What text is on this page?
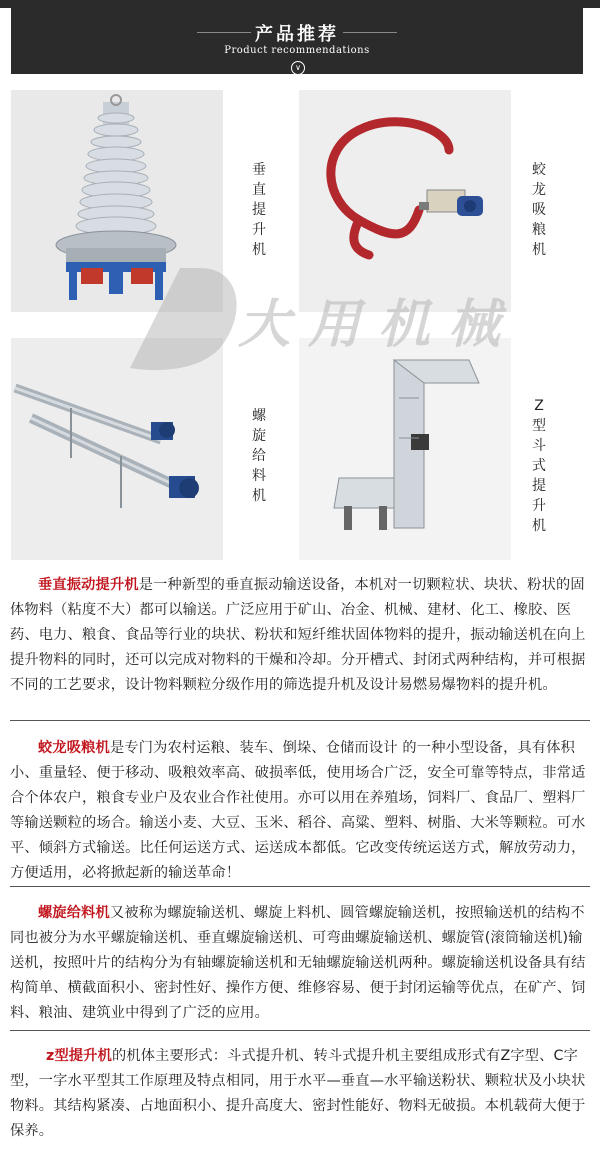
产品推荐
Product recommendations
∨
垂直提升机
蛟龙吸粮机
螺旋给料机
Z型斗式提升机
大用机械
垂直振动提升机是一种新型的垂直振动输送设备，本机对一切颗粒状、块状、粉状的固体物料（粘度不大）都可以输送。广泛应用于矿山、冶金、机械、建材、化工、橡胶、医药、电力、粮食、食品等行业的块状、粉状和短纤维状固体物料的提升，振动输送机在向上提升物料的同时，还可以完成对物料的干燥和冷却。分开槽式、封闭式两种结构，并可根据不同的工艺要求，设计物料颗粒分级作用的筛选提升机及设计易燃易爆物料的提升机。
蛟龙吸粮机是专门为农村运粮、装车、倒垛、仓储而设计 的一种小型设备，具有体积小、重量轻、便于移动、吸粮效率高、破损率低，使用场合广泛，安全可靠等特点，非常适合个体农户，粮食专业户及农业合作社使用。亦可以用在养殖场，饲料厂、食品厂、塑料厂等输送颗粒的场合。输送小麦、大豆、玉米、稻谷、高粱、塑料、树脂、大米等颗粒。可水平、倾斜方式输送。比任何运送方式、运送成本都低。它改变传统运送方式，解放劳动力，方便适用，必将掀起新的输送革命！
螺旋给料机又被称为螺旋输送机、螺旋上料机、圆管螺旋输送机，按照输送机的结构不同也被分为水平螺旋输送机、垂直螺旋输送机、可弯曲螺旋输送机、螺旋管(滚筒输送机)输送机，按照叶片的结构分为有轴螺旋输送机和无轴螺旋输送机两种。螺旋输送机设备具有结构简单、横截面积小、密封性好、操作方便、维修容易、便于封闭运输等优点，在矿产、饲料、粮油、建筑业中得到了广泛的应用。
z型提升机的机体主要形式：斗式提升机、转斗式提升机主要组成形式有Z字型、C字型，一字水平型其工作原理及特点相同，用于水平—垂直—水平输送粉状、颗粒状及小块状物料。其结构紧凑、占地面积小、提升高度大、密封性能好、物料无破损。本机载荷大便于保养。
